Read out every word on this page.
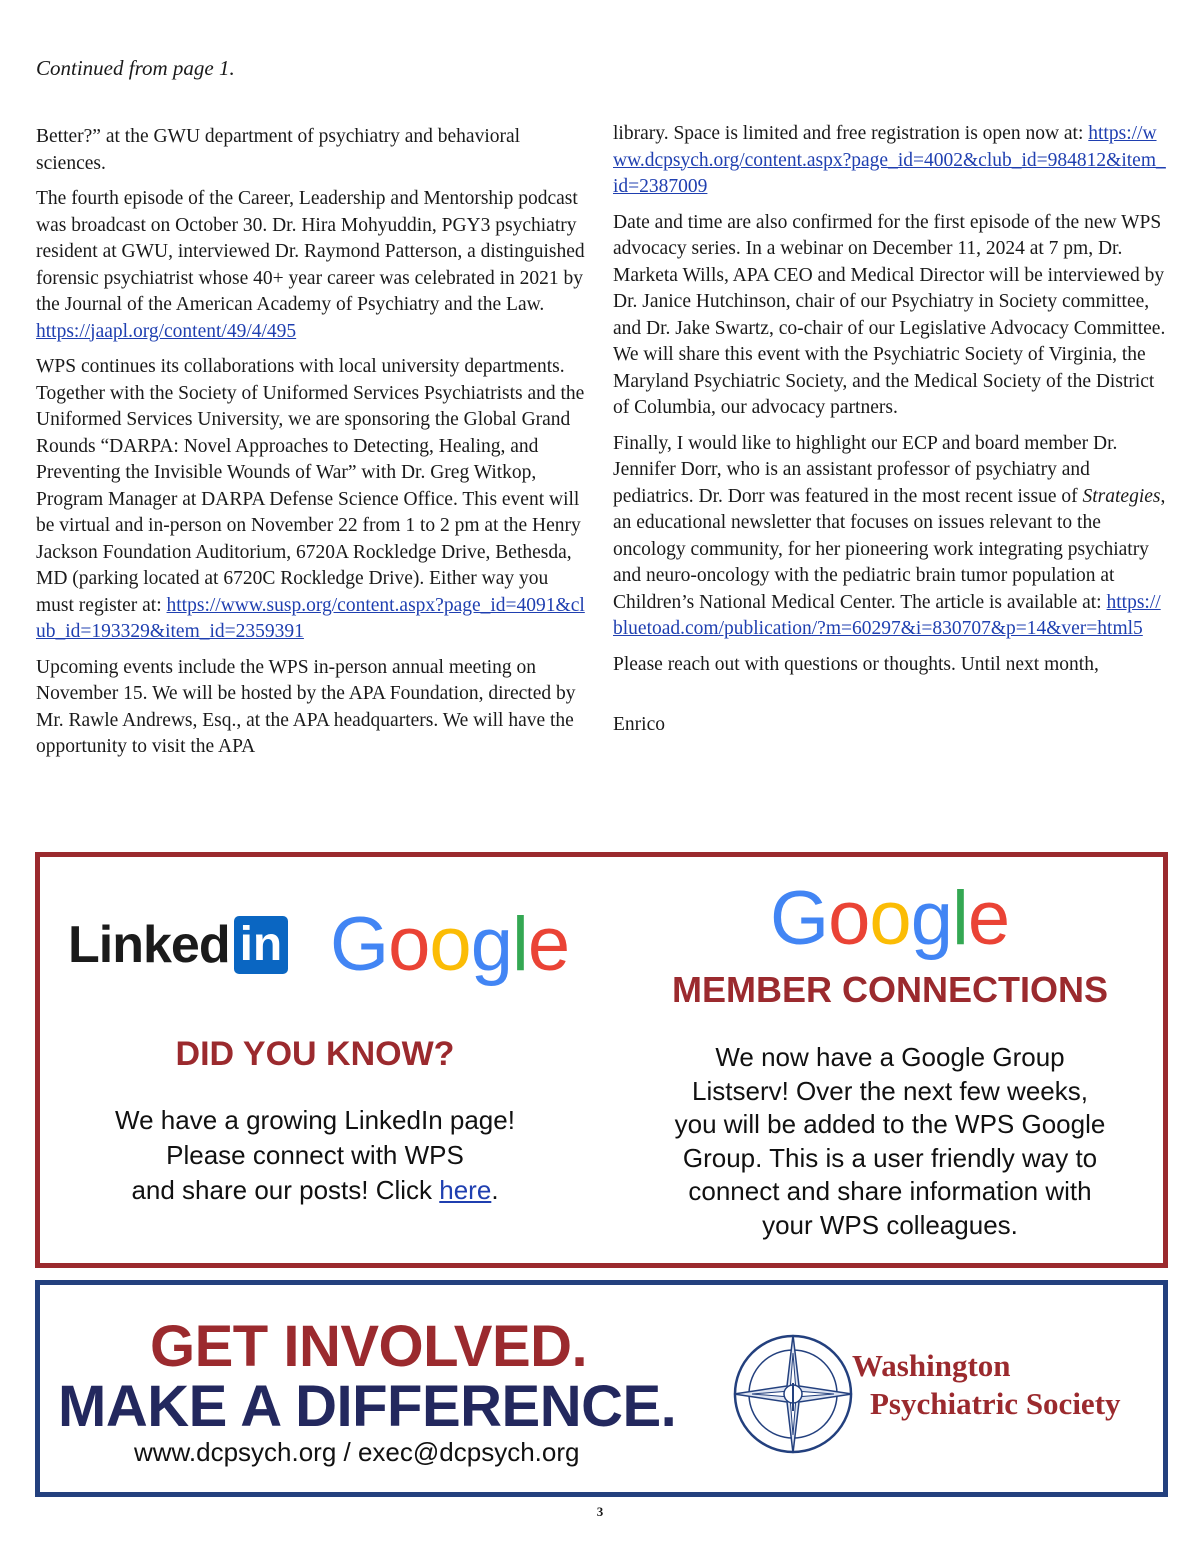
Continued from page 1.

Better?” at the GWU department of psychiatry and behavioral sciences.

The fourth episode of the Career, Leadership and Mentorship podcast was broadcast on October 30. Dr. Hira Mohyuddin, PGY3 psychiatry resident at GWU, interviewed Dr. Raymond Patterson, a distinguished forensic psychiatrist whose 40+ year career was celebrated in 2021 by the Journal of the American Academy of Psychiatry and the Law.
https://jaapl.org/content/49/4/495

WPS continues its collaborations with local university departments. Together with the Society of Uniformed Services Psychiatrists and the Uniformed Services University, we are sponsoring the Global Grand Rounds “DARPA: Novel Approaches to Detecting, Healing, and Preventing the Invisible Wounds of War” with Dr. Greg Witkop, Program Manager at DARPA Defense Science Office. This event will be virtual and in-person on November 22 from 1 to 2 pm at the Henry Jackson Foundation Auditorium, 6720A Rockledge Drive, Bethesda, MD (parking located at 6720C Rockledge Drive). Either way you must register at: https://www.susp.org/content.aspx?page_id=4091&club_id=193329&item_id=2359391

Upcoming events include the WPS in-person annual meeting on November 15. We will be hosted by the APA Foundation, directed by Mr. Rawle Andrews, Esq., at the APA headquarters. We will have the opportunity to visit the APA

library. Space is limited and free registration is open now at: https://www.dcpsych.org/content.aspx?page_id=4002&club_id=984812&item_id=2387009

Date and time are also confirmed for the first episode of the new WPS advocacy series. In a webinar on December 11, 2024 at 7 pm, Dr. Marketa Wills, APA CEO and Medical Director will be interviewed by Dr. Janice Hutchinson, chair of our Psychiatry in Society committee, and Dr. Jake Swartz, co-chair of our Legislative Advocacy Committee. We will share this event with the Psychiatric Society of Virginia, the Maryland Psychiatric Society, and the Medical Society of the District of Columbia, our advocacy partners.

Finally, I would like to highlight our ECP and board member Dr. Jennifer Dorr, who is an assistant professor of psychiatry and pediatrics. Dr. Dorr was featured in the most recent issue of Strategies, an educational newsletter that focuses on issues relevant to the oncology community, for her pioneering work integrating psychiatry and neuro-oncology with the pediatric brain tumor population at Children’s National Medical Center. The article is available at: https://bluetoad.com/publication/?m=60297&i=830707&p=14&ver=html5

Please reach out with questions or thoughts. Until next month,

Enrico

Linked in Google	Google
DID YOU KNOW?
We have a growing LinkedIn page!
Please connect with WPS
and share our posts! Click here.
MEMBER CONNECTIONS
We now have a Google Group
Listserv! Over the next few weeks,
you will be added to the WPS Google
Group. This is a user friendly way to
connect and share information with
your WPS colleagues.
GET INVOLVED.
MAKE A DIFFERENCE.
www.dcpsych.org / exec@dcpsych.org
Washington
Psychiatric Society
3
